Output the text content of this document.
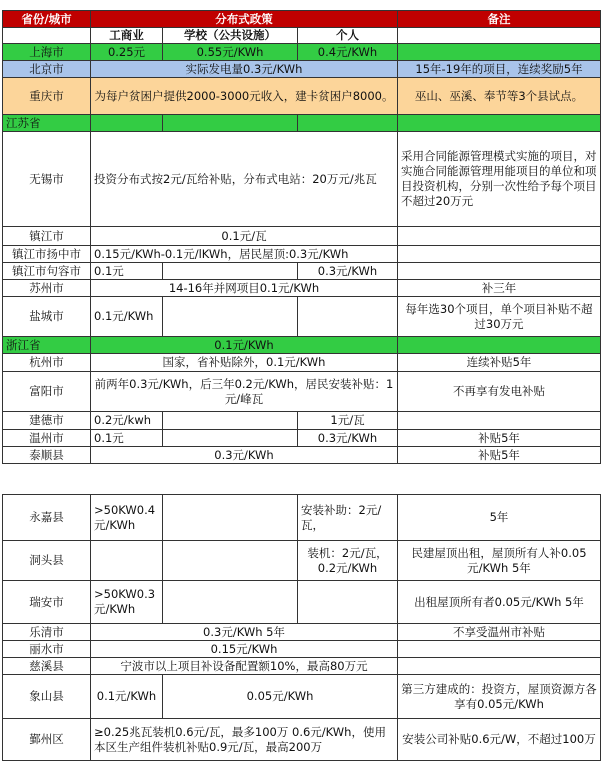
省份/城市	分布式政策			备注
	工商业	学校（公共设施）	个人	
上海市	0.25元	0.55元/KWh	0.4元/KWh	
北京市	实际发电量0.3元/KWh			15年-19年的项目，连续奖励5年
重庆市	为每户贫困户提供2000-3000元收入，建卡贫困户8000。			巫山、巫溪、奉节等3个县试点。
江苏省				
无锡市	投资分布式按2元/瓦给补贴，分布式电站：20万元/兆瓦			采用合同能源管理模式实施的项目，对实施合同能源管理用能项目的单位和项目投资机构，分别一次性给予每个项目不超过20万元
镇江市	0.1元/瓦			
镇江市扬中市	0.15元/KWh-0.1元/lKWh，居民屋顶:0.3元/KWh			
镇江市句容市	0.1元		0.3元/KWh	
苏州市	14-16年并网项目0.1元/KWh			补三年
盐城市	0.1元/KWh			每年选30个项目，单个项目补贴不超过30万元
浙江省	0.1元/KWh			
杭州市	国家，省补贴除外，0.1元/KWh			连续补贴5年
富阳市	前两年0.3元/KWh，后三年0.2元/KWh，居民安装补贴：1元/峰瓦			不再享有发电补贴
建德市	0.2元/kwh		1元/瓦	
温州市	0.1元		0.3元/KWh	补贴5年
泰顺县	0.3元/KWh			补贴5年
永嘉县	>50KW0.4元/KWh		安装补助：2元/瓦，	5年
洞头县			装机：2元/瓦，0.2元/KWh	民建屋顶出租，屋顶所有人补0.05元/KWh 5年
瑞安市	>50KW0.3元/KWh			出租屋顶所有者0.05元/KWh 5年
乐清市	0.3元/KWh 5年			不享受温州市补贴
丽水市	0.15元/KWh			
慈溪县	宁波市以上项目补设备配置额10%，最高80万元			
象山县	0.1元/KWh	0.05元/KWh		第三方建成的：投资方，屋顶资源方各享有0.05元/KWh
鄞州区	≥0.25兆瓦装机0.6元/瓦，最多100万 0.6元/KWh，使用本区生产组件装机补贴0.9元/瓦，最高200万			安装公司补贴0.6元/W，不超过100万
